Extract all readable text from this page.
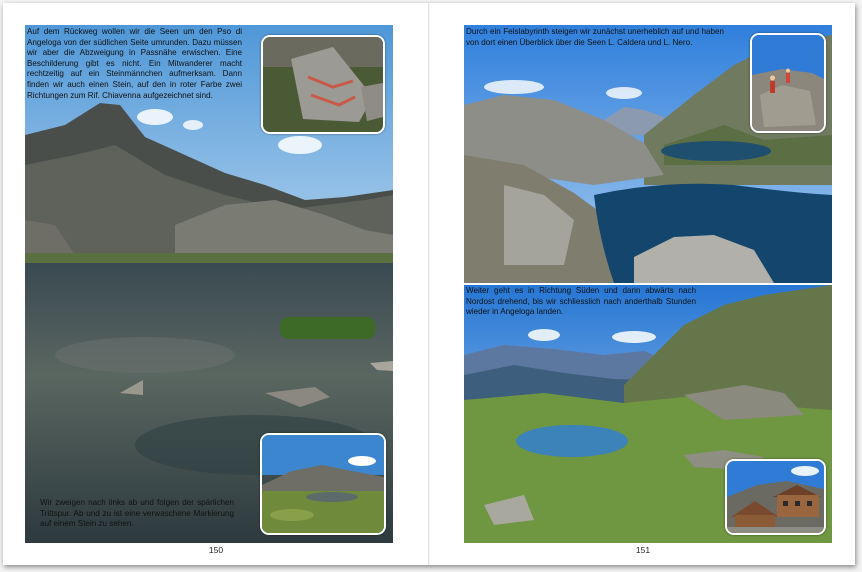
Auf dem Rückweg wollen wir die Seen um den Pso di Angeloga von der südlichen Seite umrunden. Dazu müssen wir aber die Abzweigung in Passnähe erwischen. Eine Beschilderung gibt es nicht. Ein Mitwanderer macht rechtzeitig auf ein Steinmännchen aufmerksam. Dann finden wir auch einen Stein, auf den in roter Farbe zwei Richtungen zum Rif. Chiavenna aufgezeichnet sind.

Wir zweigen nach links ab und folgen der spärlichen Trittspur. Ab und zu ist eine verwaschene Markierung auf einem Stein zu sehen.

150

Durch ein Felslabyrinth steigen wir zunächst unerheblich auf und haben von dort einen Überblick über die Seen L. Caldera und L. Nero.

Weiter geht es in Richtung Süden und dann abwärts nach Nordost drehend, bis wir schliesslich nach anderthalb Stunden wieder in Angeloga landen.

151
